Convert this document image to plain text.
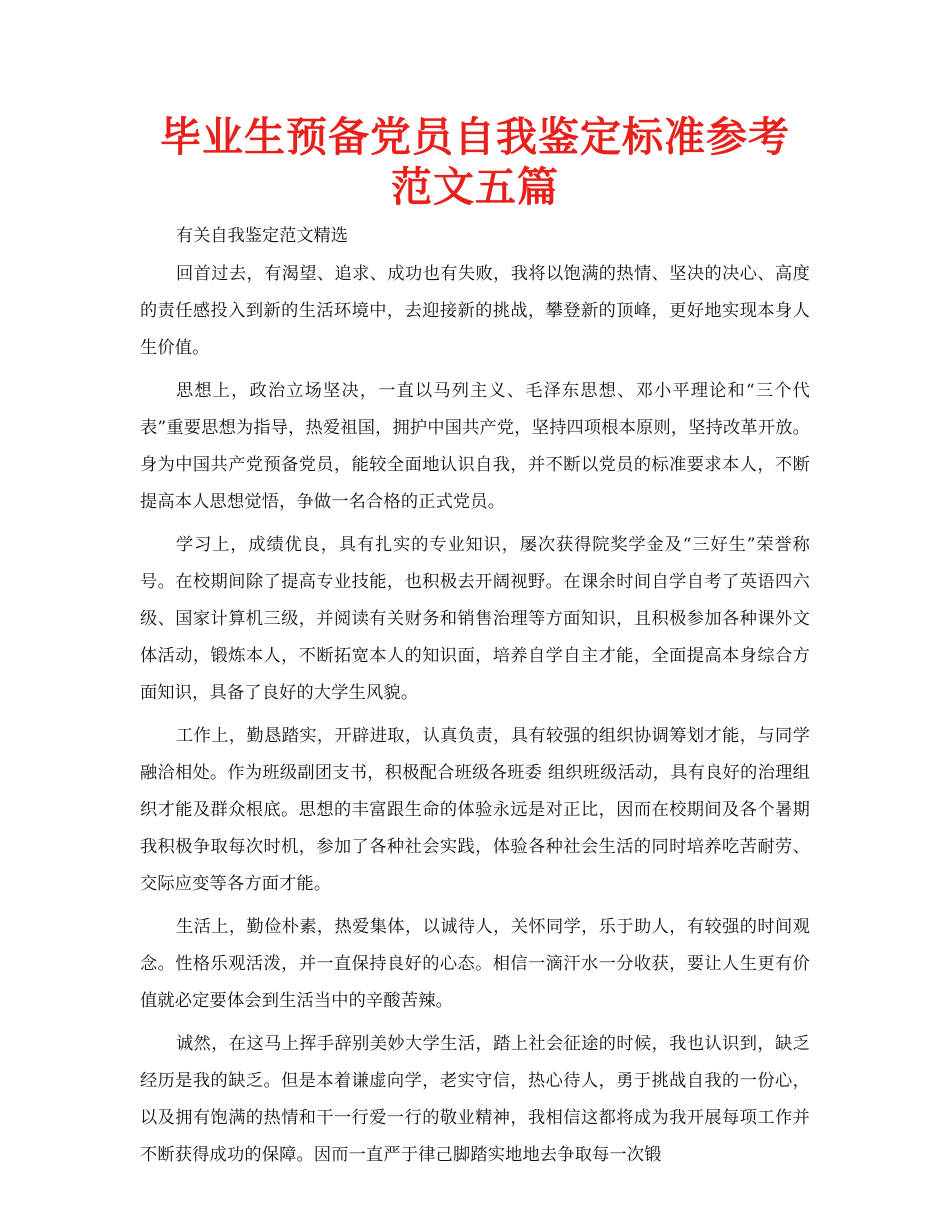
毕业生预备党员自我鉴定标准参考范文五篇

有关自我鉴定范文精选

回首过去，有渴望、追求、成功也有失败，我将以饱满的热情、坚决的决心、高度的责任感投入到新的生活环境中，去迎接新的挑战，攀登新的顶峰，更好地实现本身人生价值。

思想上，政治立场坚决，一直以马列主义、毛泽东思想、邓小平理论和“三个代表”重要思想为指导，热爱祖国，拥护中国共产党，坚持四项根本原则，坚持改革开放。身为中国共产党预备党员，能较全面地认识自我，并不断以党员的标准要求本人，不断提高本人思想觉悟，争做一名合格的正式党员。

学习上，成绩优良，具有扎实的专业知识，屡次获得院奖学金及“三好生”荣誉称号。在校期间除了提高专业技能，也积极去开阔视野。在课余时间自学自考了英语四六级、国家计算机三级，并阅读有关财务和销售治理等方面知识，且积极参加各种课外文体活动，锻炼本人，不断拓宽本人的知识面，培养自学自主才能，全面提高本身综合方面知识，具备了良好的大学生风貌。

工作上，勤恳踏实，开辟进取，认真负责，具有较强的组织协调筹划才能，与同学融洽相处。作为班级副团支书，积极配合班级各班委 组织班级活动，具有良好的治理组织才能及群众根底。思想的丰富跟生命的体验永远是对正比，因而在校期间及各个暑期我积极争取每次时机，参加了各种社会实践，体验各种社会生活的同时培养吃苦耐劳、交际应变等各方面才能。

生活上，勤俭朴素，热爱集体，以诚待人，关怀同学，乐于助人，有较强的时间观念。性格乐观活泼，并一直保持良好的心态。相信一滴汗水一分收获，要让人生更有价值就必定要体会到生活当中的辛酸苦辣。

诚然，在这马上挥手辞别美妙大学生活，踏上社会征途的时候，我也认识到，缺乏经历是我的缺乏。但是本着谦虚向学，老实守信，热心待人，勇于挑战自我的一份心，以及拥有饱满的热情和干一行爱一行的敬业精神，我相信这都将成为我开展每项工作并不断获得成功的保障。因而一直严于律己脚踏实地地去争取每一次锻
